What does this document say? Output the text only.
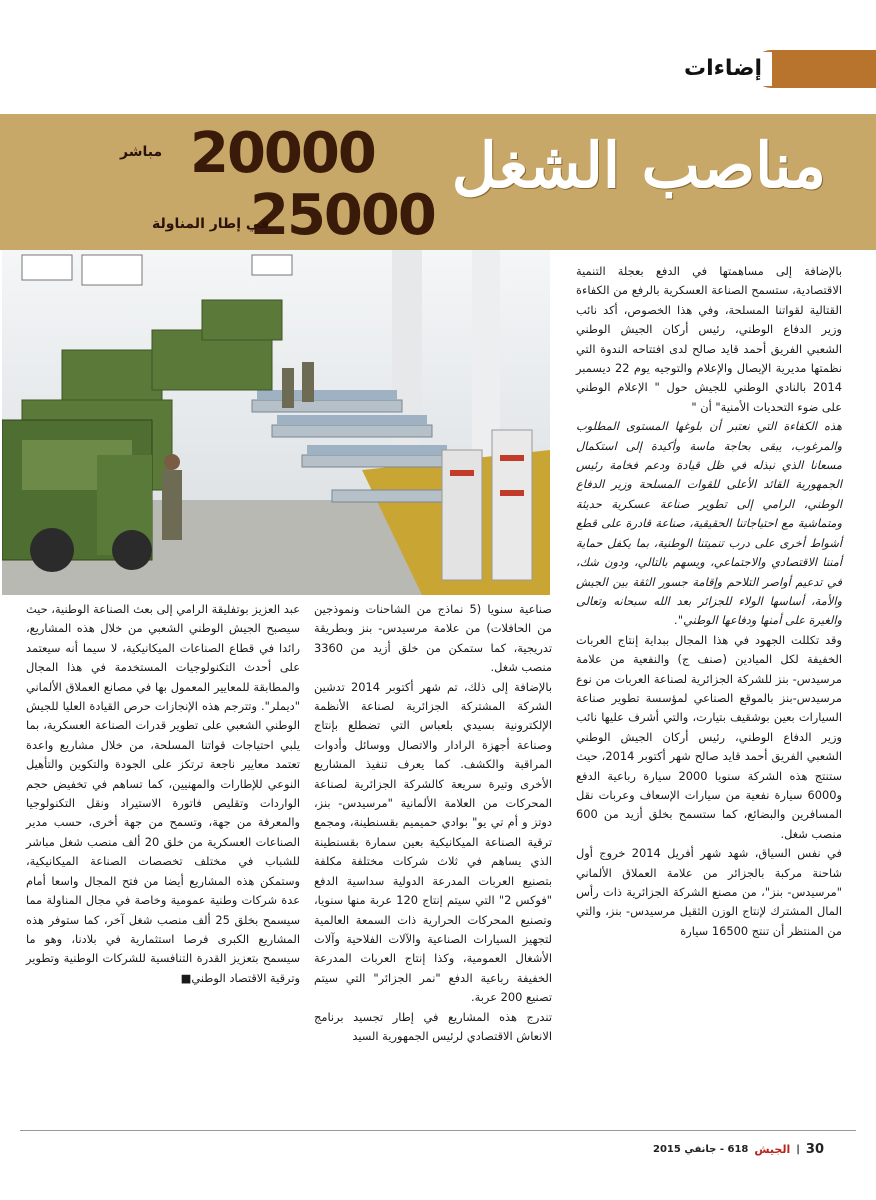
إضاءات
مناصب الشغل
20000
مباشر
25000
في إطار المناولة

بالإضافة إلى مساهمتها في الدفع بعجلة التنمية الاقتصادية، ستسمح الصناعة العسكرية بالرفع من الكفاءة القتالية لقواتنا المسلحة، وفي هذا الخصوص، أكد نائب وزير الدفاع الوطني، رئيس أركان الجيش الوطني الشعبي الفريق أحمد قايد صالح لدى افتتاحه الندوة التي نظمتها مديرية الإيصال والإعلام والتوجيه يوم 22 ديسمبر 2014 بالنادي الوطني للجيش حول " الإعلام الوطني على ضوء التحديات الأمنية" أن "

هذه الكفاءة التي نعتبر أن بلوغها المستوى المطلوب والمرغوب، يبقى بحاجة ماسة وأكيدة إلى استكمال مسعانا الذي نبذله في ظل قيادة ودعم فخامة رئيس الجمهورية القائد الأعلى للقوات المسلحة وزير الدفاع الوطني، الرامي إلى تطوير صناعة عسكرية حديثة ومتماشية مع احتياجاتنا الحقيقية، صناعة قادرة على قطع أشواط أخرى على درب تنميتنا الوطنية، بما يكفل حماية أمننا الاقتصادي والاجتماعي، ويسهم بالتالي، ودون شك، في تدعيم أواصر التلاحم وإقامة جسور الثقة بين الجيش والأمة، أساسها الولاء للجزائر بعد الله سبحانه وتعالى والغيرة على أمنها ودفاعها الوطني".

وقد تكللت الجهود في هذا المجال ببداية إنتاج العربات الخفيفة لكل الميادين (صنف ج) والنفعية من علامة مرسيدس- بنز للشركة الجزائرية لصناعة العربات من نوع مرسيدس-بنز بالموقع الصناعي لمؤسسة تطوير صناعة السيارات بعين بوشقيف بتيارت، والتي أشرف عليها نائب وزير الدفاع الوطني، رئيس أركان الجيش الوطني الشعبي الفريق أحمد قايد صالح شهر أكتوبر 2014، حيث ستنتج هذه الشركة سنويا 2000 سيارة رباعية الدفع و6000 سيارة نفعية من سيارات الإسعاف وعربات نقل المسافرين والبضائع، كما ستسمح بخلق أزيد من 600 منصب شغل.

في نفس السياق، شهد شهر أفريل 2014 خروج أول شاحنة مركبة بالجزائر من علامة العملاق الألماني "مرسيدس- بنز"، من مصنع الشركة الجزائرية ذات رأس المال المشترك لإنتاج الوزن الثقيل مرسيدس- بنز، والتي من المنتظر أن تنتج 16500 سيارة

صناعية سنويا (5 نماذج من الشاحنات ونموذجين من الحافلات) من علامة مرسيدس- بنز وبطريقة تدريجية، كما ستمكن من خلق أزيد من 3360 منصب شغل.

بالإضافة إلى ذلك، تم شهر أكتوبر 2014 تدشين الشركة المشتركة الجزائرية لصناعة الأنظمة الإلكترونية بسيدي بلعباس التي تضطلع بإنتاج وصناعة أجهزة الرادار والاتصال ووسائل وأدوات المراقبة والكشف. كما يعرف تنفيذ المشاريع الأخرى وتيرة سريعة كالشركة الجزائرية لصناعة المحركات من العلامة الألمانية "مرسيدس- بنز، دوتز و أم تي يو" بوادي حميميم بقسنطينة، ومجمع ترقية الصناعة الميكانيكية بعين سمارة بقسنطينة الذي يساهم في ثلاث شركات مختلفة مكلفة بتصنيع العربات المدرعة الدولية سداسية الدفع "فوكس 2" التي سيتم إنتاج 120 عربة منها سنويا، وتصنيع المحركات الحرارية ذات السمعة العالمية لتجهيز السيارات الصناعية والآلات الفلاحية وآلات الأشغال العمومية، وكذا إنتاج العربات المدرعة الخفيفة رباعية الدفع "نمر الجزائر" التي سيتم تصنيع 200 عربة.

تندرج هذه المشاريع في إطار تجسيد برنامج الانعاش الاقتصادي لرئيس الجمهورية السيد

عبد العزيز بوتفليقة الرامي إلى بعث الصناعة الوطنية، حيث سيصبح الجيش الوطني الشعبي من خلال هذه المشاريع، رائدا في قطاع الصناعات الميكانيكية، لا سيما أنه سيعتمد على أحدث التكنولوجيات المستخدمة في هذا المجال والمطابقة للمعايير المعمول بها في مصانع العملاق الألماني "ديملر". وتترجم هذه الإنجازات حرص القيادة العليا للجيش الوطني الشعبي على تطوير قدرات الصناعة العسكرية، بما يلبي احتياجات قواتنا المسلحة، من خلال مشاريع واعدة تعتمد معايير ناجعة ترتكز على الجودة والتكوين والتأهيل النوعي للإطارات والمهنيين، كما تساهم في تخفيض حجم الواردات وتقليص فاتورة الاستيراد ونقل التكنولوجيا والمعرفة من جهة، وتسمح من جهة أخرى، حسب مدير الصناعات العسكرية من خلق 20 ألف منصب شغل مباشر للشباب في مختلف تخصصات الصناعة الميكانيكية، وستمكن هذه المشاريع أيضا من فتح المجال واسعا أمام عدة شركات وطنية عمومية وخاصة في مجال المناولة مما سيسمح بخلق 25 ألف منصب شغل آخر، كما ستوفر هذه المشاريع الكبرى فرصا استثمارية في بلادنا، وهو ما سيسمح بتعزيز القدرة التنافسية للشركات الوطنية وتطوير وترقية الاقتصاد الوطني■

30
|
الجيش
618 - جانفي 2015
